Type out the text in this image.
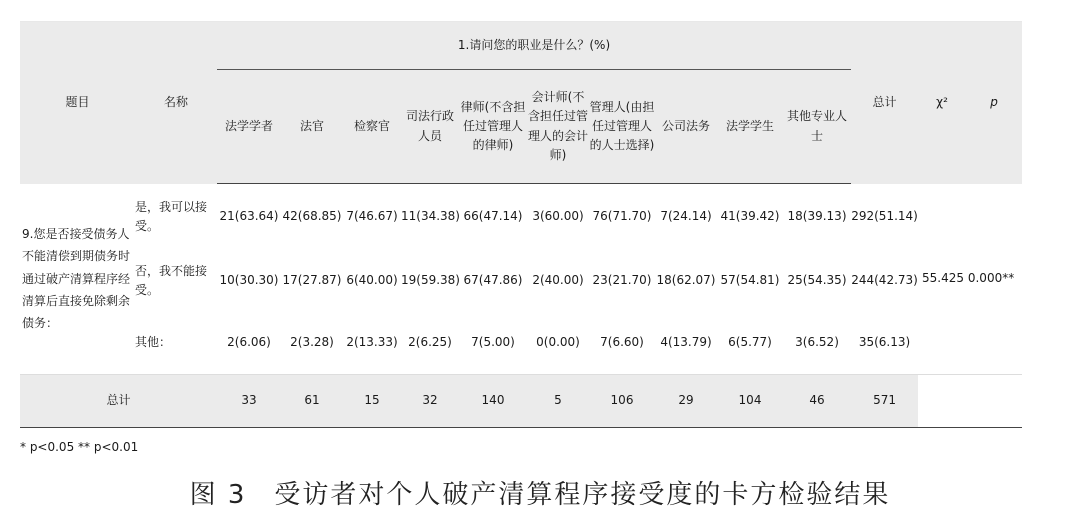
题目	名称	1.请问您的职业是什么？(%)										总计	χ²	p
		法学学者	法官	检察官	司法行政人员	律师(不含担任过管理人的律师)	会计师(不含担任过管理人的会计师)	管理人(由担任过管理人的人士选择)	公司法务	法学学生	其他专业人士			
9.您是否接受债务人不能清偿到期债务时通过破产清算程序经清算后直接免除剩余债务：	是，我可以接受。	21(63.64)	42(68.85)	7(46.67)	11(34.38)	66(47.14)	3(60.00)	76(71.70)	7(24.14)	41(39.42)	18(39.13)	292(51.14)	55.425 0.000**	
	否，我不能接受。	10(30.30)	17(27.87)	6(40.00)	19(59.38)	67(47.86)	2(40.00)	23(21.70)	18(62.07)	57(54.81)	25(54.35)	244(42.73)		
	其他：	2(6.06)	2(3.28)	2(13.33)	2(6.25)	7(5.00)	0(0.00)	7(6.60)	4(13.79)	6(5.77)	3(6.52)	35(6.13)		
总计		33	61	15	32	140	5	106	29	104	46	571		
* p<0.05 ** p<0.01
图 3　受访者对个人破产清算程序接受度的卡方检验结果
